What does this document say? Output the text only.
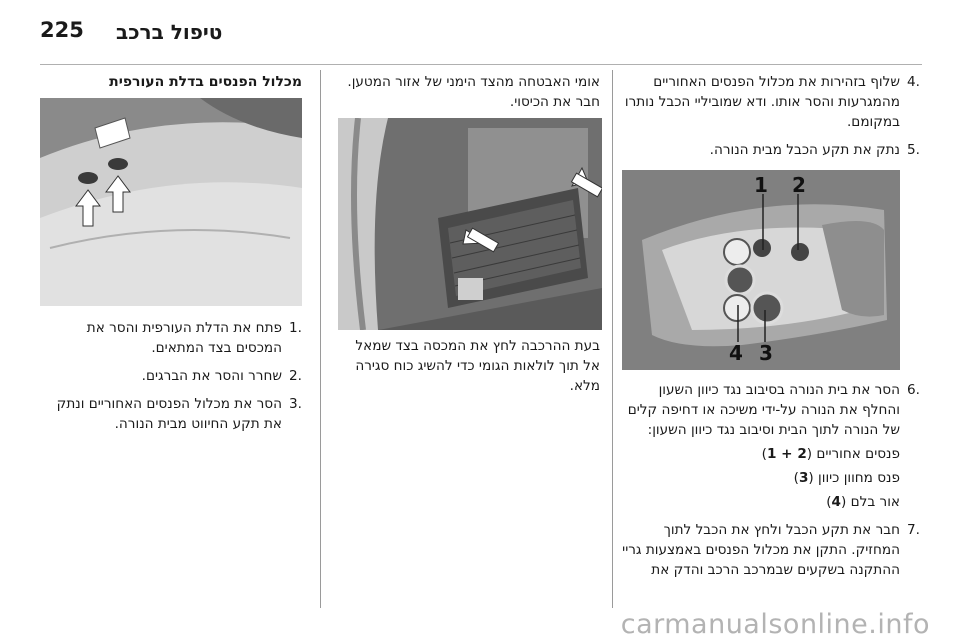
225 טיפול ברכב
.4
שלוף בזהירות את מכלול הפנסים האחוריים מהמגרעות והסר אותו. ודא שמוביליי הכבל נותרו במקומם.
.5
נתק את תקע הכבל מבית הנורה.
1 2
3
4
.6
הסר את בית הנורה בסיבוב נגד כיוון השעון והחלף את הנורה על-ידי משיכה או דחיפה קלים של הנורה לתוך הבית וסיבוב נגד כיוון השעון:
פנסים אחוריים (2 + 1)
פנס מחוון כיוון (3)
אור בלם (4)
.7
חבר את תקע הכבל ולחץ את הכבל לתוך המחזיק. התקן את מכלול הפנסים באמצעות גריי ההתקנה בשקעים שבמרכב הרכב והדק את

אומי האבטחה מהצד הימני של אזור המטען. חבר את הכיסוי.

בעת ההרכבה לחץ את המכסה בצד שמאל אל תוך לולאות הגומי כדי להשיג כוח סגירה מלא.

מכלול הפנסים בדלת העורפית
.1
פתח את הדלת העורפית והסר את המכסים בצד המתאים.
.2
שחרר והסר את הברגים.
.3
הסר את מכלול הפנסים האחוריים ונתק את תקע החיווט מבית הנורה.
carmanualsonline.info
